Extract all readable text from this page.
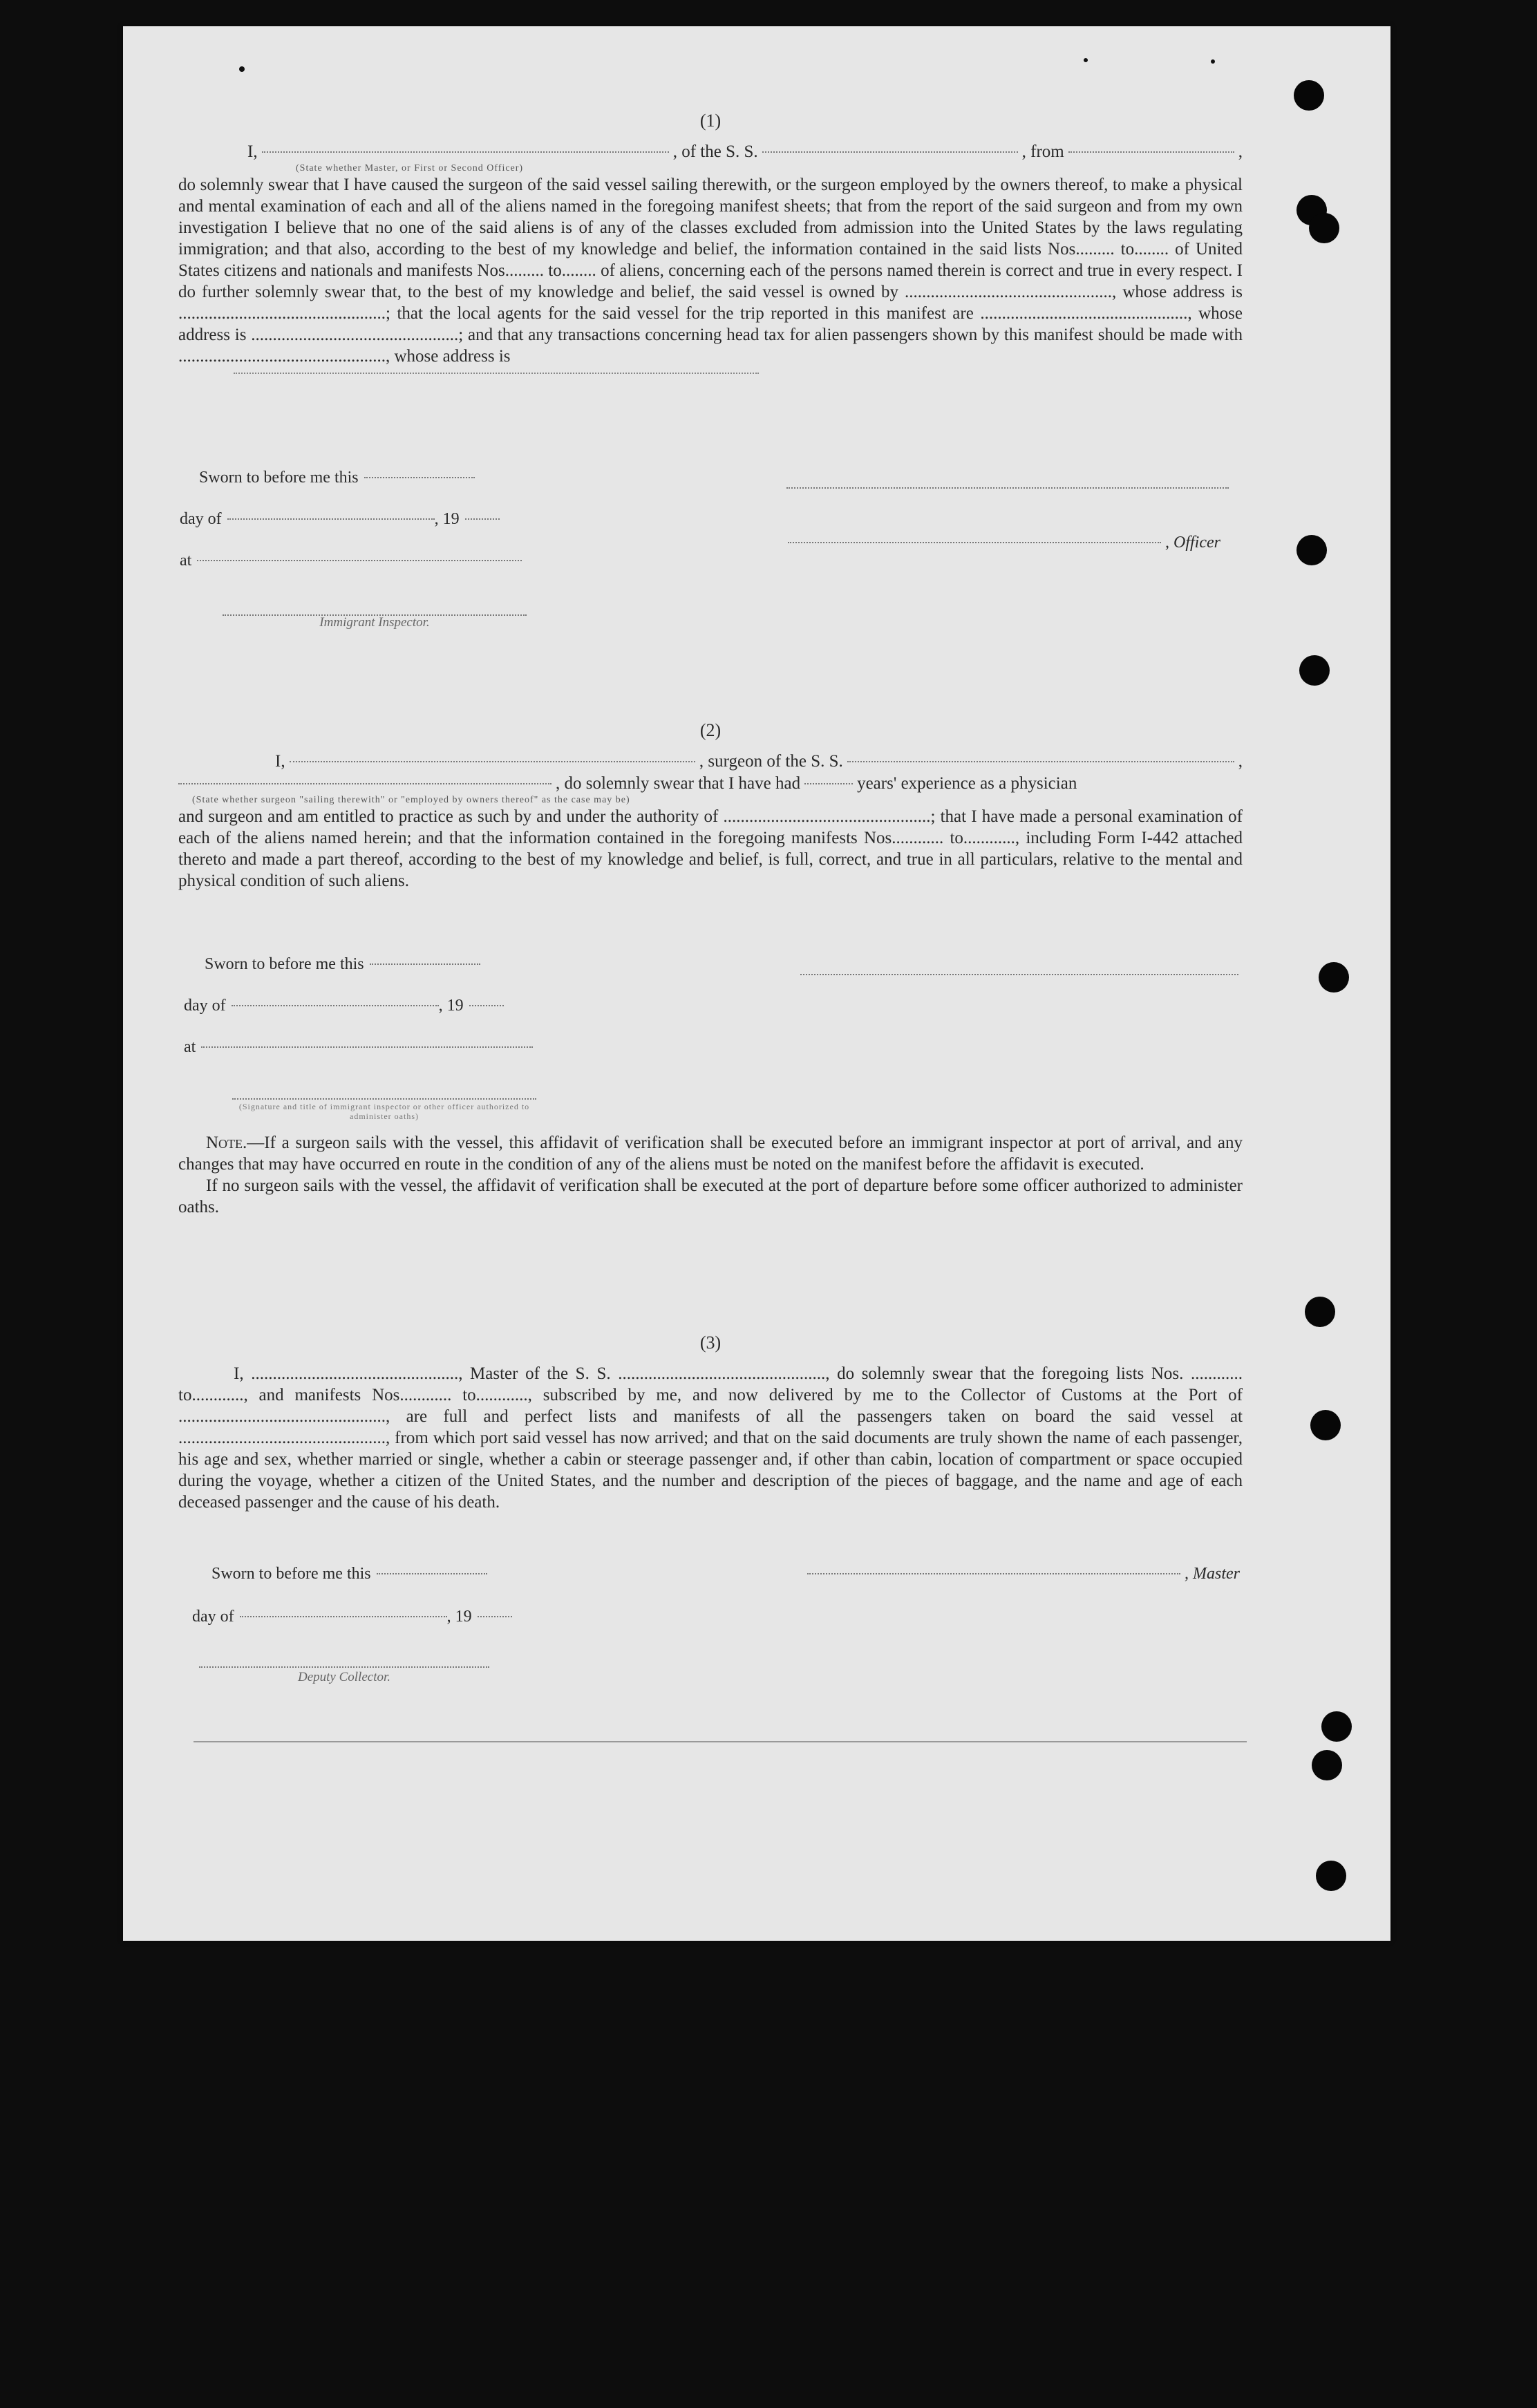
(1)
I,	, of the S. S.	, from	,
(State whether Master, or First or Second Officer)

do solemnly swear that I have caused the surgeon of the said vessel sailing therewith, or the surgeon employed by the owners thereof, to make a physical and mental examination of each and all of the aliens named in the foregoing manifest sheets; that from the report of the said surgeon and from my own investigation I believe that no one of the said aliens is of any of the classes excluded from admission into the United States by the laws regulating immigration; and that also, according to the best of my knowledge and belief, the information contained in the said lists Nos......... to........ of United States citizens and nationals and manifests Nos......... to........ of aliens, concerning each of the persons named therein is correct and true in every respect. I do further solemnly swear that, to the best of my knowledge and belief, the said vessel is owned by ................................................, whose address is ................................................; that the local agents for the said vessel for the trip reported in this manifest are ................................................, whose address is ................................................; and that any transactions concerning head tax for alien passengers shown by this manifest should be made with ................................................, whose address is

Sworn to before me this
day of	, 19
, Officer
at
Immigrant Inspector.
(2)
I,	, surgeon of the S. S.	,
, do solemnly swear that I have had	years' experience as a physician
(State whether surgeon "sailing therewith" or "employed by owners thereof" as the case may be)

and surgeon and am entitled to practice as such by and under the authority of ................................................; that I have made a personal examination of each of the aliens named herein; and that the information contained in the foregoing manifests Nos............ to............, including Form I-442 attached thereto and made a part thereof, according to the best of my knowledge and belief, is full, correct, and true in all particulars, relative to the mental and physical condition of such aliens.

Sworn to before me this
day of	, 19
at
(Signature and title of immigrant inspector or other officer authorized to administer oaths)

Note.—If a surgeon sails with the vessel, this affidavit of verification shall be executed before an immigrant inspector at port of arrival, and any changes that may have occurred en route in the condition of any of the aliens must be noted on the manifest before the affidavit is executed.

If no surgeon sails with the vessel, the affidavit of verification shall be executed at the port of departure before some officer authorized to administer oaths.

(3)

I, ................................................, Master of the S. S. ................................................, do solemnly swear that the foregoing lists Nos. ............ to............, and manifests Nos............ to............, subscribed by me, and now delivered by me to the Collector of Customs at the Port of ................................................, are full and perfect lists and manifests of all the passengers taken on board the said vessel at ................................................, from which port said vessel has now arrived; and that on the said documents are truly shown the name of each passenger, his age and sex, whether married or single, whether a cabin or steerage passenger and, if other than cabin, location of compartment or space occupied during the voyage, whether a citizen of the United States, and the number and description of the pieces of baggage, and the name and age of each deceased passenger and the cause of his death.

Sworn to before me this	, Master
day of	, 19
Deputy Collector.
